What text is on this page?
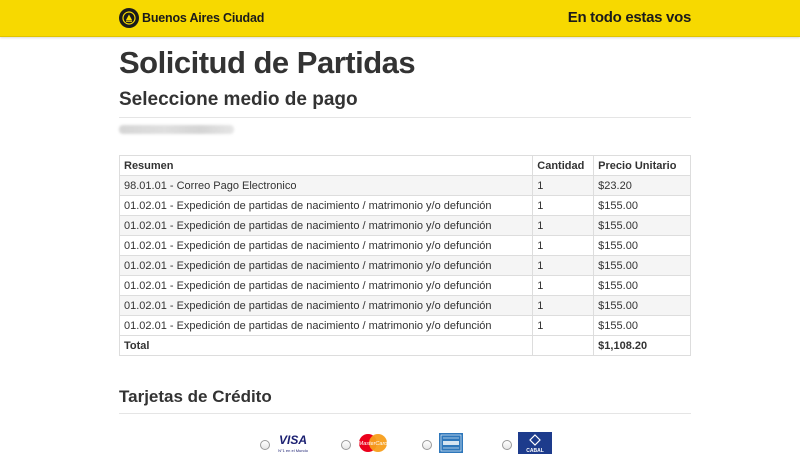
Buenos Aires Ciudad	En todo estas vos
Solicitud de Partidas
Seleccione medio de pago
Resumen	Cantidad	Precio Unitario
98.01.01 - Correo Pago Electronico	1	$23.20
01.02.01 - Expedición de partidas de nacimiento / matrimonio y/o defunción	1	$155.00
01.02.01 - Expedición de partidas de nacimiento / matrimonio y/o defunción	1	$155.00
01.02.01 - Expedición de partidas de nacimiento / matrimonio y/o defunción	1	$155.00
01.02.01 - Expedición de partidas de nacimiento / matrimonio y/o defunción	1	$155.00
01.02.01 - Expedición de partidas de nacimiento / matrimonio y/o defunción	1	$155.00
01.02.01 - Expedición de partidas de nacimiento / matrimonio y/o defunción	1	$155.00
01.02.01 - Expedición de partidas de nacimiento / matrimonio y/o defunción	1	$155.00
Total		$1,108.20
Tarjetas de Crédito
VISA
N°1 en el Mundo
MasterCard
CABAL
